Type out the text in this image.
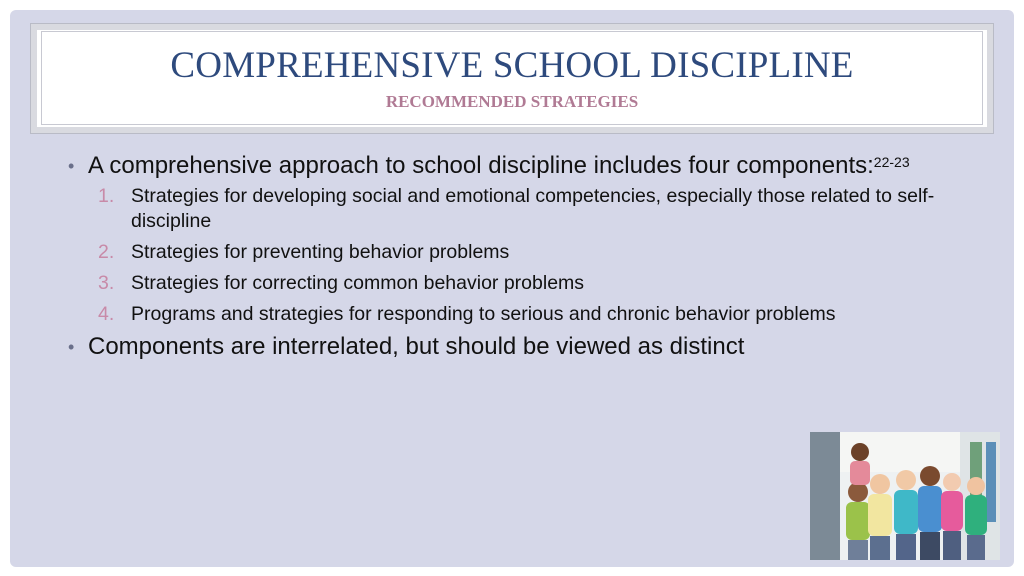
COMPREHENSIVE SCHOOL DISCIPLINE
RECOMMENDED STRATEGIES
• A comprehensive approach to school discipline includes four components:$^{22-23}$
1. Strategies for developing social and emotional competencies, especially those related to self-discipline
2. Strategies for preventing behavior problems
3. Strategies for correcting common behavior problems
4. Programs and strategies for responding to serious and chronic behavior problems
• Components are interrelated, but should be viewed as distinct
